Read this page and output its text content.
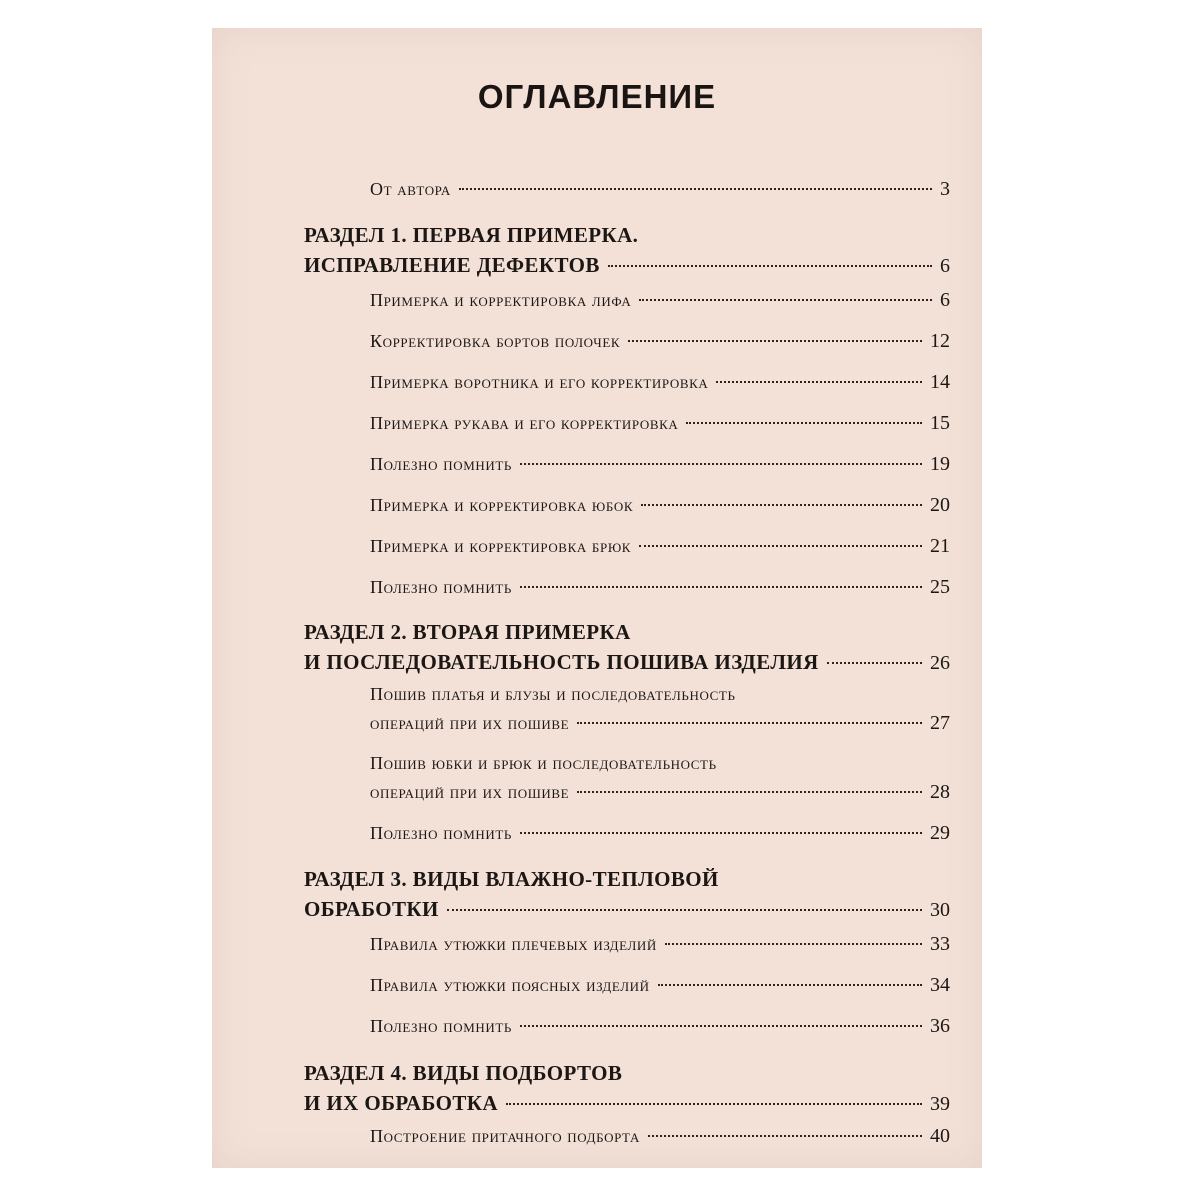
ОГЛАВЛЕНИЕ
От автора	3
РАЗДЕЛ 1. ПЕРВАЯ ПРИМЕРКА.
ИСПРАВЛЕНИЕ ДЕФЕКТОВ	6
Примерка и корректировка лифа	6
Корректировка бортов полочек	12
Примерка воротника и его корректировка	14
Примерка рукава и его корректировка	15
Полезно помнить	19
Примерка и корректировка юбок	20
Примерка и корректировка брюк	21
Полезно помнить	25
РАЗДЕЛ 2. ВТОРАЯ ПРИМЕРКА
И ПОСЛЕДОВАТЕЛЬНОСТЬ ПОШИВА ИЗДЕЛИЯ	26
Пошив платья и блузы и последовательность
операций при их пошиве	27
Пошив юбки и брюк и последовательность
операций при их пошиве	28
Полезно помнить	29
РАЗДЕЛ 3. ВИДЫ ВЛАЖНО-ТЕПЛОВОЙ
ОБРАБОТКИ	30
Правила утюжки плечевых изделий	33
Правила утюжки поясных изделий	34
Полезно помнить	36
РАЗДЕЛ 4. ВИДЫ ПОДБОРТОВ
И ИХ ОБРАБОТКА	39
Построение притачного подборта	40
